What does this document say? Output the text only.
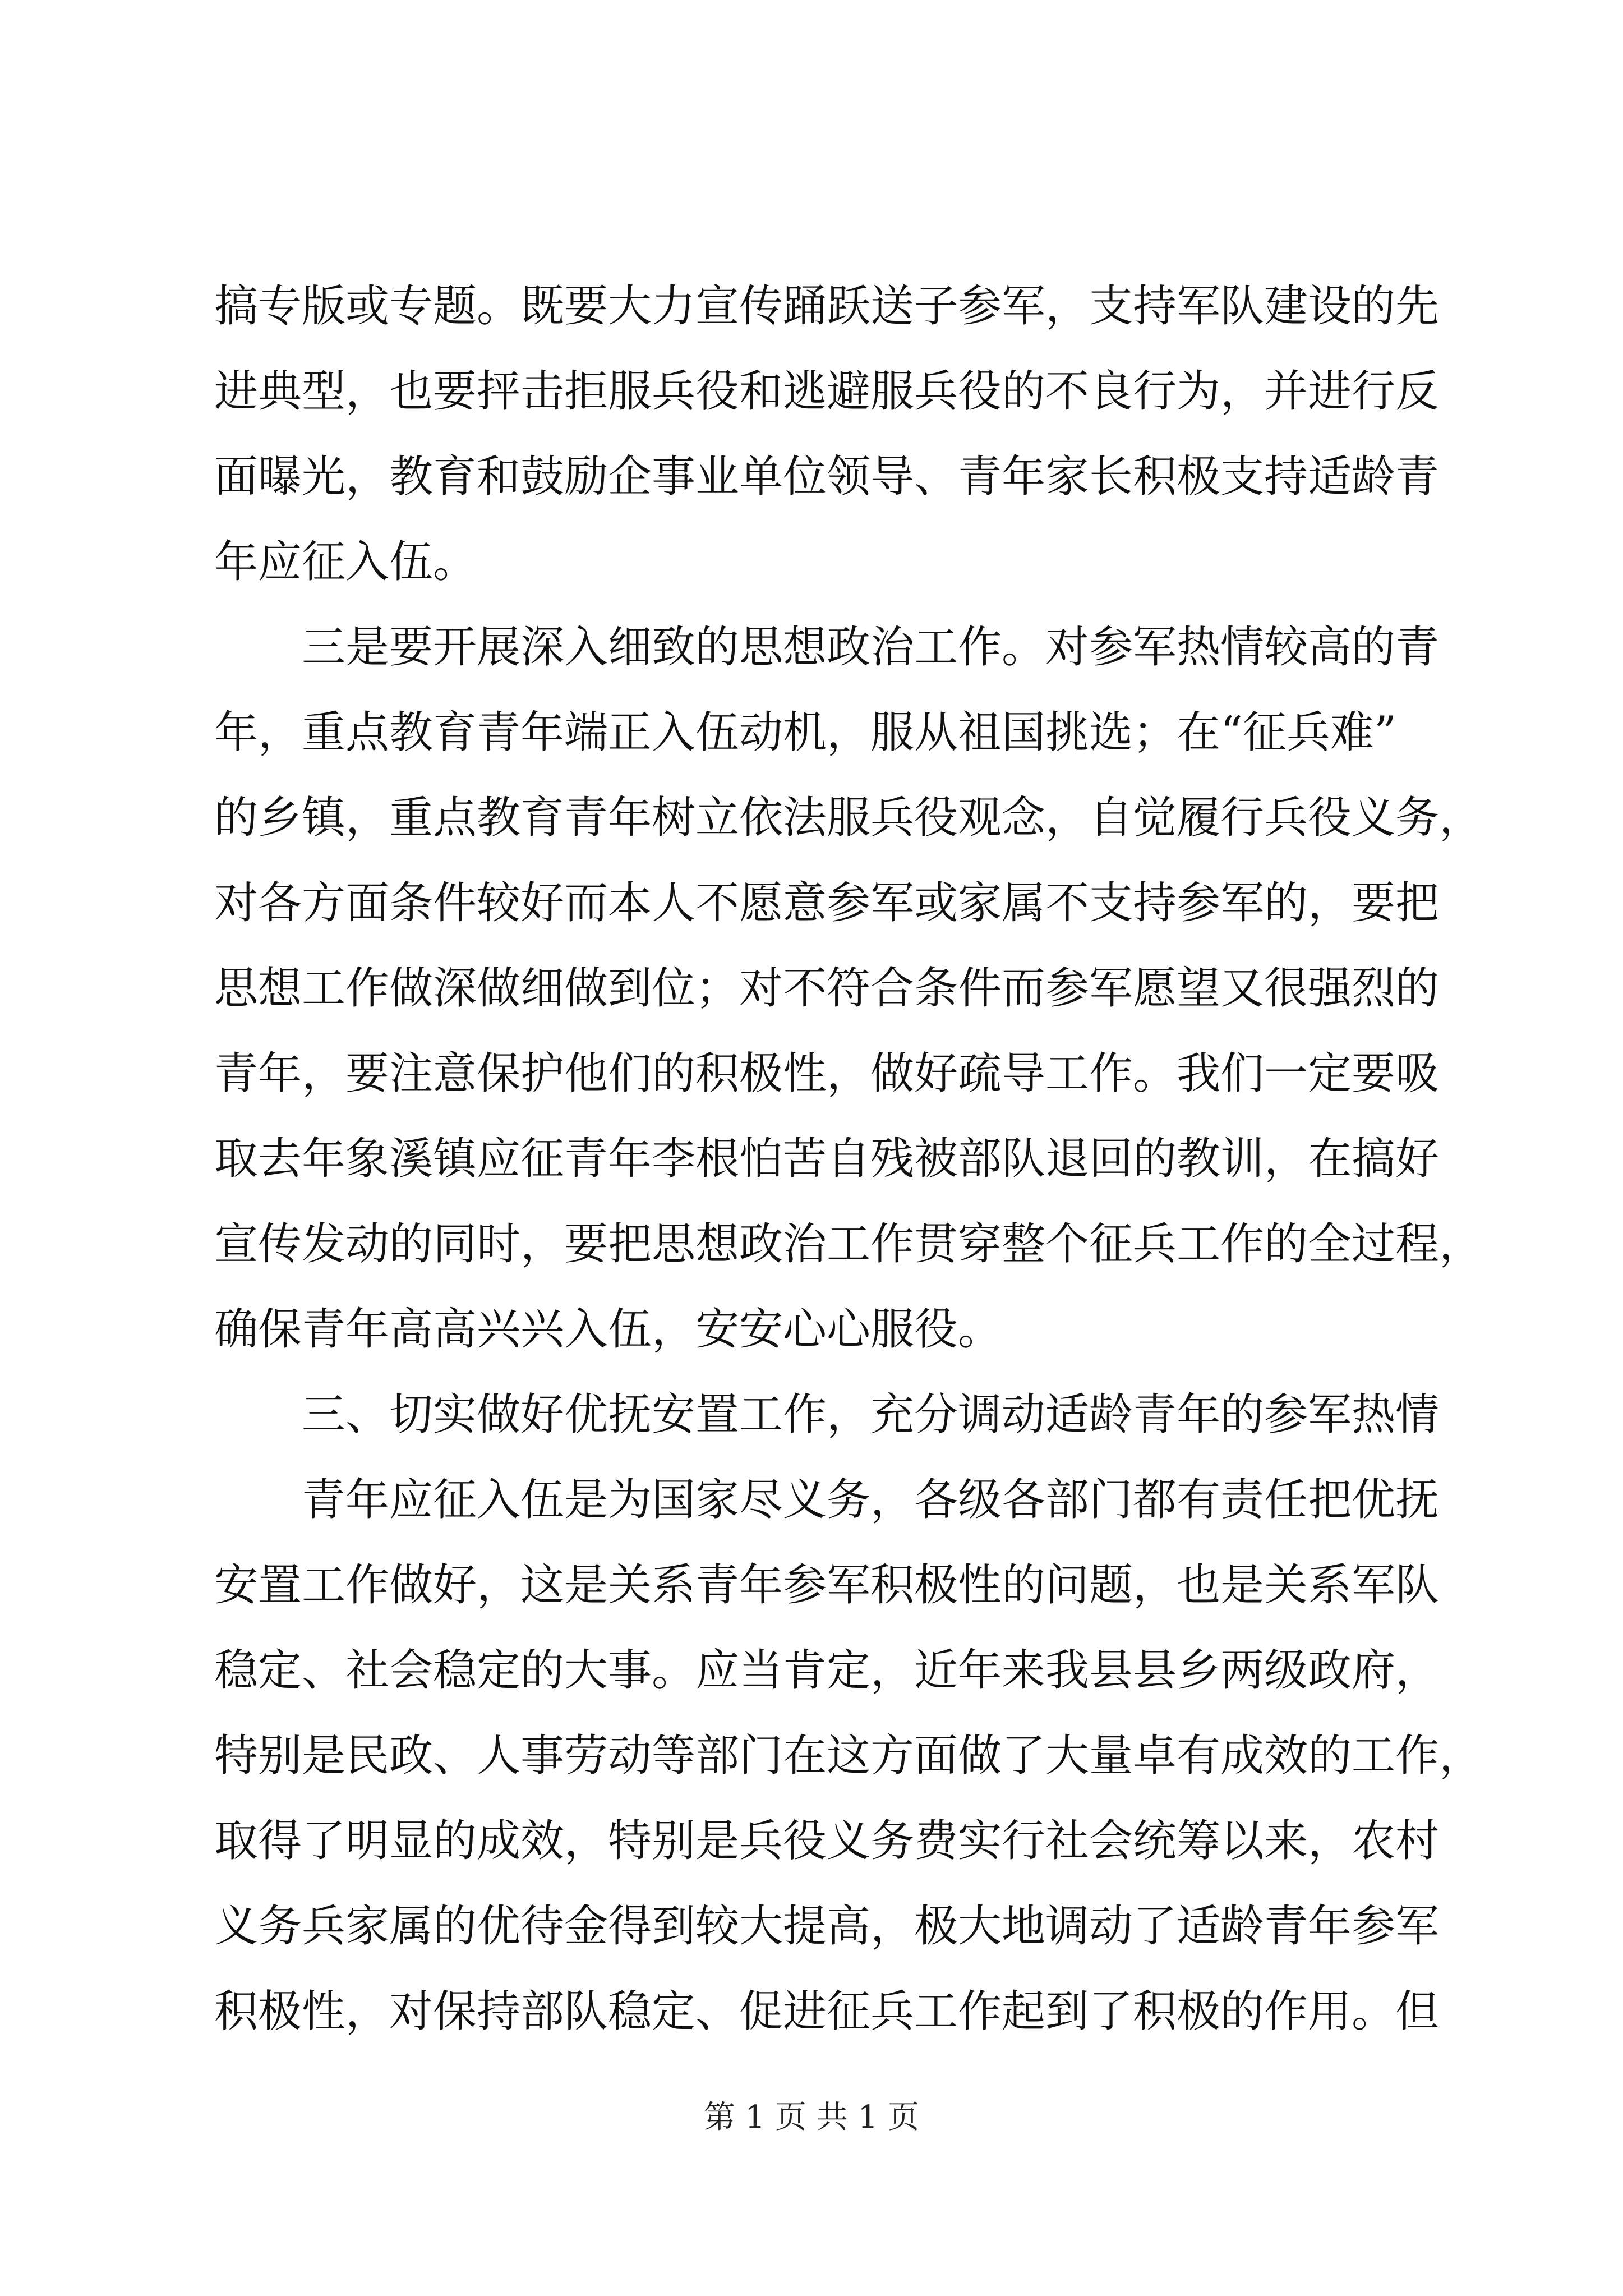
搞专版或专题。既要大力宣传踊跃送子参军，支持军队建设的先
进典型，也要抨击拒服兵役和逃避服兵役的不良行为，并进行反
面曝光，教育和鼓励企事业单位领导、青年家长积极支持适龄青
年应征入伍。
三是要开展深入细致的思想政治工作。对参军热情较高的青
年，重点教育青年端正入伍动机，服从祖国挑选；在“征兵难”
的乡镇，重点教育青年树立依法服兵役观念，自觉履行兵役义务，
对各方面条件较好而本人不愿意参军或家属不支持参军的，要把
思想工作做深做细做到位；对不符合条件而参军愿望又很强烈的
青年，要注意保护他们的积极性，做好疏导工作。我们一定要吸
取去年象溪镇应征青年李根怕苦自残被部队退回的教训，在搞好
宣传发动的同时，要把思想政治工作贯穿整个征兵工作的全过程，
确保青年高高兴兴入伍，安安心心服役。
三、切实做好优抚安置工作，充分调动适龄青年的参军热情
青年应征入伍是为国家尽义务，各级各部门都有责任把优抚
安置工作做好，这是关系青年参军积极性的问题，也是关系军队
稳定、社会稳定的大事。应当肯定，近年来我县县乡两级政府，
特别是民政、人事劳动等部门在这方面做了大量卓有成效的工作，
取得了明显的成效，特别是兵役义务费实行社会统筹以来，农村
义务兵家属的优待金得到较大提高，极大地调动了适龄青年参军
积极性，对保持部队稳定、促进征兵工作起到了积极的作用。但
第 1 页 共 1 页
